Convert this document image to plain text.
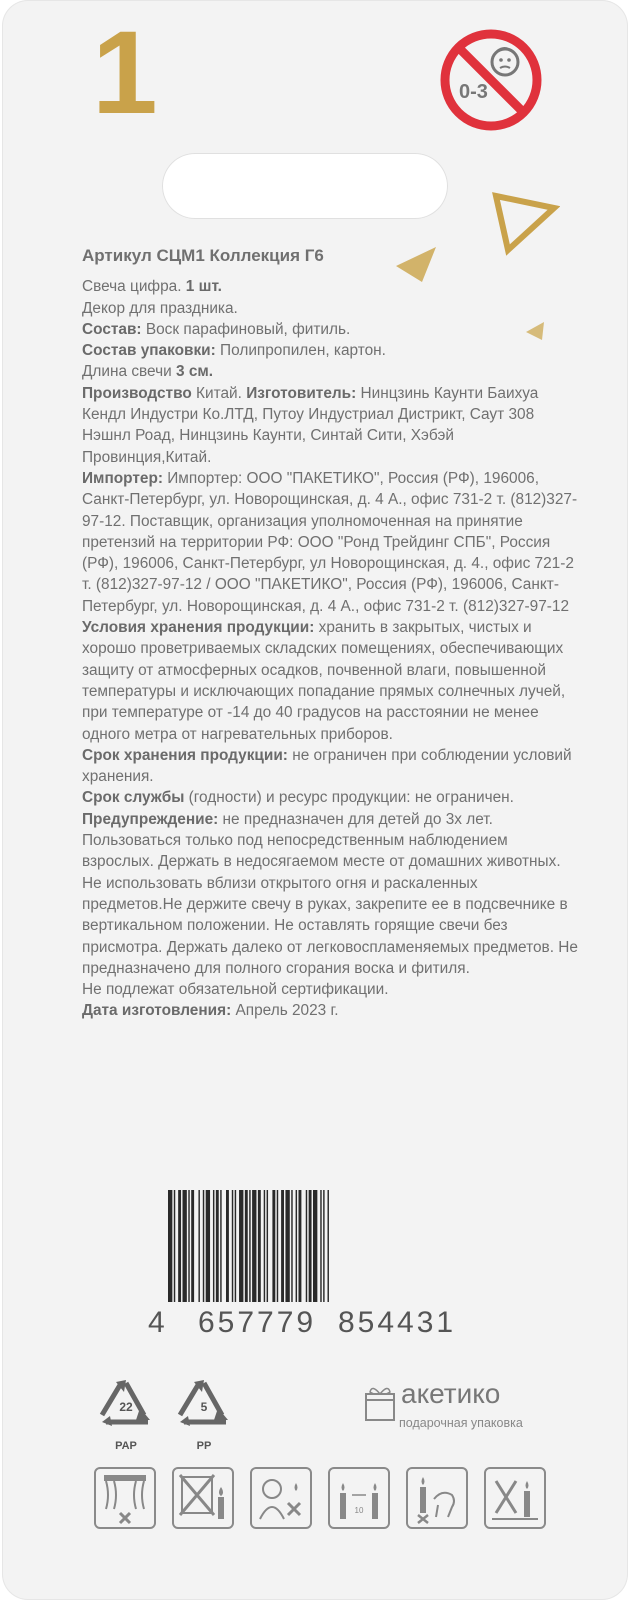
1	0-3
Артикул СЦМ1 Коллекция Г6

Свеча цифра. 1 шт.

Декор для праздника.

Состав: Воск парафиновый, фитиль.

Состав упаковки: Полипропилен, картон.

Длина свечи 3 см.

Производство Китай. Изготовитель: Нинцзинь Каунти Баихуа Кендл Индустри Ко.ЛТД, Путоу Индустриал Дистрикт, Саут 308 Нэшнл Роад, Нинцзинь Каунти, Синтай Сити, Хэбэй Провинция,Китай.

Импортер: Импортер: ООО "ПАКЕТИКО", Россия (РФ), 196006, Санкт-Петербург, ул. Новорощинская, д. 4 А., офис 731-2 т. (812)327-97-12. Поставщик, организация уполномоченная на принятие претензий на территории РФ: ООО "Ронд Трейдинг СПБ", Россия (РФ), 196006, Санкт-Петербург, ул Новорощинская, д. 4., офис 721-2 т. (812)327-97-12 / ООО "ПАКЕТИКО", Россия (РФ), 196006, Санкт-Петербург, ул. Новорощинская, д. 4 А., офис 731-2 т. (812)327-97-12

Условия хранения продукции: хранить в закрытых, чистых и хорошо проветриваемых складских помещениях, обеспечивающих защиту от атмосферных осадков, почвенной влаги, повышенной температуры и исключающих попадание прямых солнечных лучей, при температуре от -14 до 40 градусов на расстоянии не менее одного метра от нагревательных приборов.

Срок хранения продукции: не ограничен при соблюдении условий хранения.

Срок службы (годности) и ресурс продукции: не ограничен.

Предупреждение: не предназначен для детей до 3х лет. Пользоваться только под непосредственным наблюдением взрослых. Держать в недосягаемом месте от домашних животных. Не использовать вблизи открытого огня и раскаленных предметов.Не держите свечу в руках, закрепите ее в подсвечнике в вертикальном положении. Не оставлять горящие свечи без присмотра. Держать далеко от легковоспламеняемых предметов. Не предназначено для полного сгорания воска и фитиля.

Не подлежат обязательной сертификации.

Дата изготовления: Апрель 2023 г.

4 657779 854431
22
PAP
5
PP
акетико
подарочная упаковка
10
